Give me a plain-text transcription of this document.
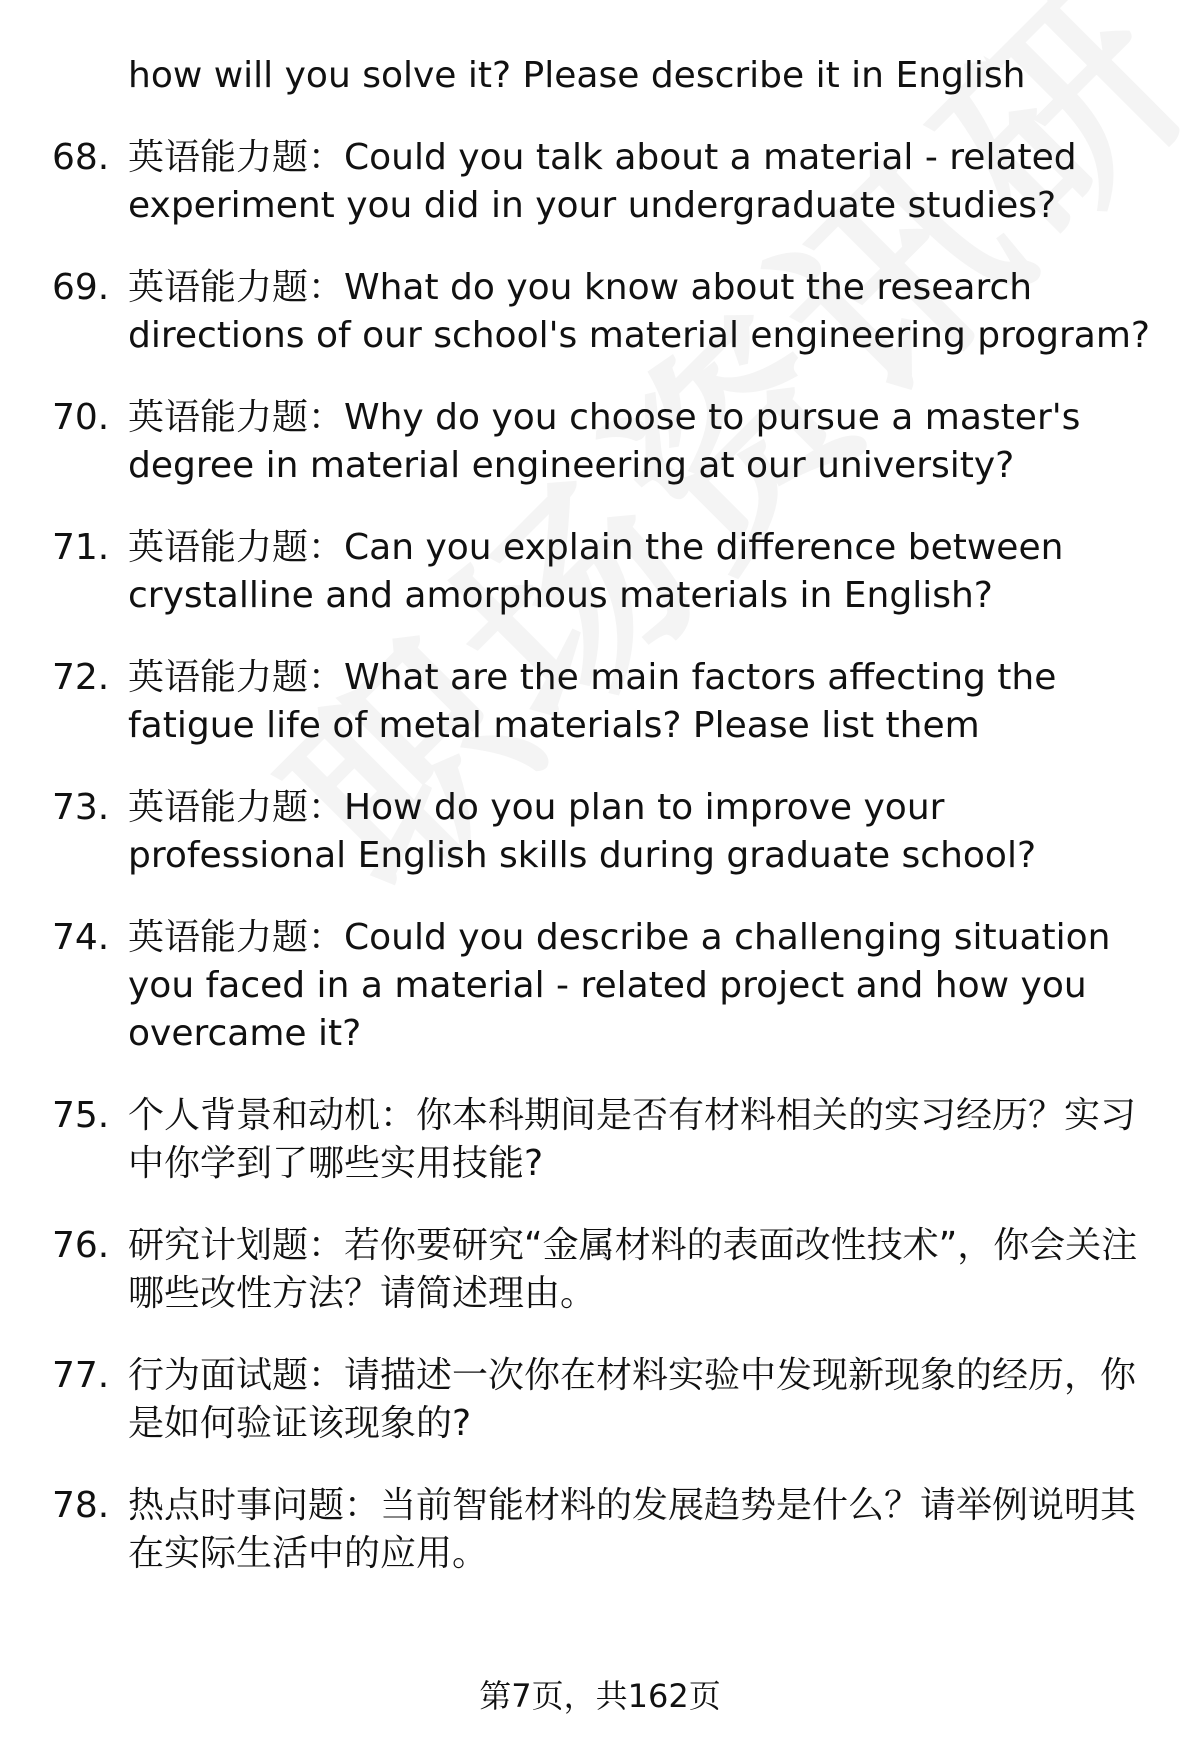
how will you solve it? Please describe it in English
68. 英语能力题：Could you talk about a material - related experiment you did in your undergraduate studies?
69. 英语能力题：What do you know about the research directions of our school's material engineering program?
70. 英语能力题：Why do you choose to pursue a master's degree in material engineering at our university?
71. 英语能力题：Can you explain the difference between crystalline and amorphous materials in English?
72. 英语能力题：What are the main factors affecting the fatigue life of metal materials? Please list them
73. 英语能力题：How do you plan to improve your professional English skills during graduate school?
74. 英语能力题：Could you describe a challenging situation you faced in a material - related project and how you overcame it?
75. 个人背景和动机：你本科期间是否有材料相关的实习经历？实习中你学到了哪些实用技能?
76. 研究计划题：若你要研究“金属材料的表面改性技术”，你会关注哪些改性方法？请简述理由。
77. 行为面试题：请描述一次你在材料实验中发现新现象的经历，你是如何验证该现象的?
78. 热点时事问题：当前智能材料的发展趋势是什么？请举例说明其在实际生活中的应用。
第7页，共162页
